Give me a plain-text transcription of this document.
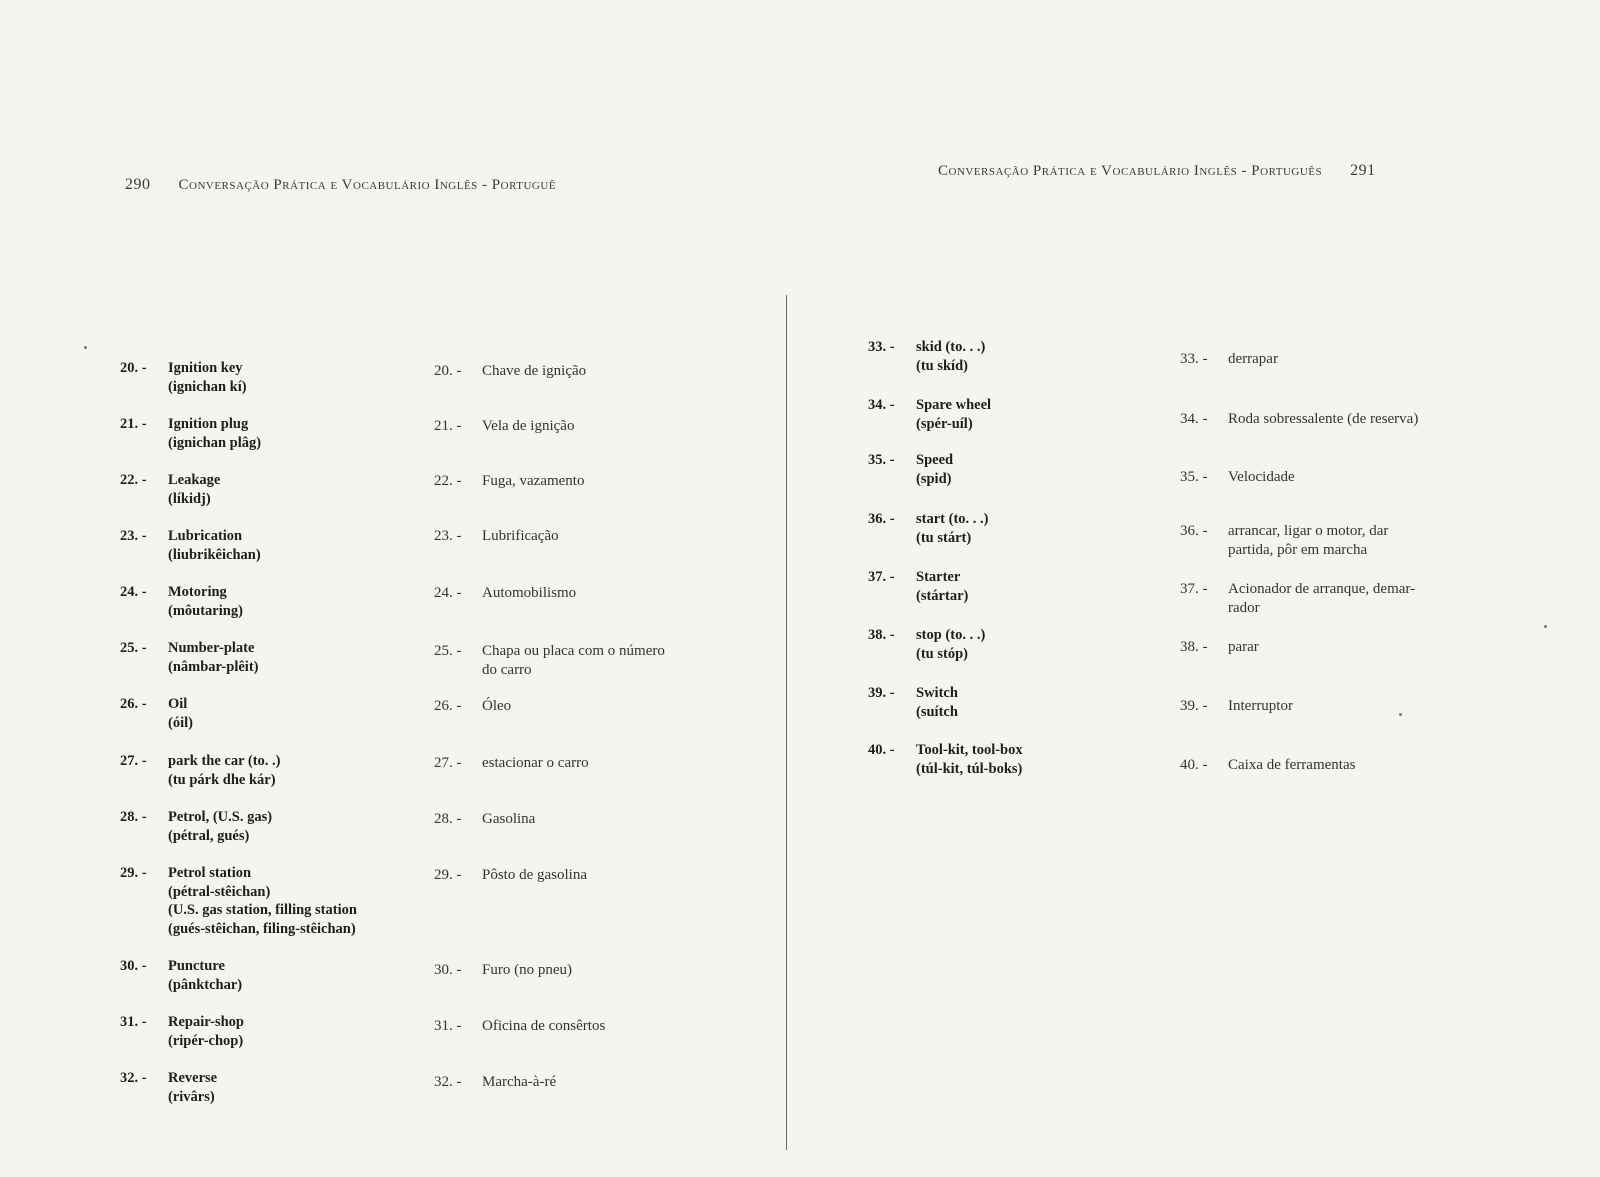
290 Conversação Prática e Vocabulário Inglês - Portuguê
20. - Ignition key
(ignichan kí)
20. - Chave de ignição
21. - Ignition plug
(ignichan plâg)
21. - Vela de ignição
22. - Leakage
(líkidj)
22. - Fuga, vazamento
23. - Lubrication
(liubrikêichan)
23. - Lubrificação
24. - Motoring
(môutaring)
24. - Automobilismo
25. - Number-plate
(nâmbar-plêit)
25. - Chapa ou placa com o número
do carro
26. - Oil
(óil)
26. - Óleo
27. - park the car (to. .)
(tu párk dhe kár)
27. - estacionar o carro
28. - Petrol, (U.S. gas)
(pétral, gués)
28. - Gasolina
29. - Petrol station
(pétral-stêichan)
(U.S. gas station, filling station
(gués-stêichan, filing-stêichan)
29. - Pôsto de gasolina
30. - Puncture
(pânktchar)
30. - Furo (no pneu)
31. - Repair-shop
(ripér-chop)
31. - Oficina de consêrtos
32. - Reverse
(rivârs)
32. - Marcha-à-ré
Conversação Prática e Vocabulário Inglês - Português 291
33. - skid (to. . .)
(tu skíd)	33. - derrapar
34. - Spare wheel
(spér-uíl)	34. - Roda sobressalente (de reserva)
35. - Speed
(spid)	35. - Velocidade
36. - start (to. . .)
(tu stárt)	36. - arrancar, ligar o motor, dar
partida, pôr em marcha
37. - Starter
(stártar)	37. - Acionador de arranque, demar-
rador
38. - stop (to. . .)
(tu stóp)	38. - parar
39. - Switch
(suítch	39. - Interruptor
40. - Tool-kit, tool-box
(túl-kit, túl-boks)	40. - Caixa de ferramentas
